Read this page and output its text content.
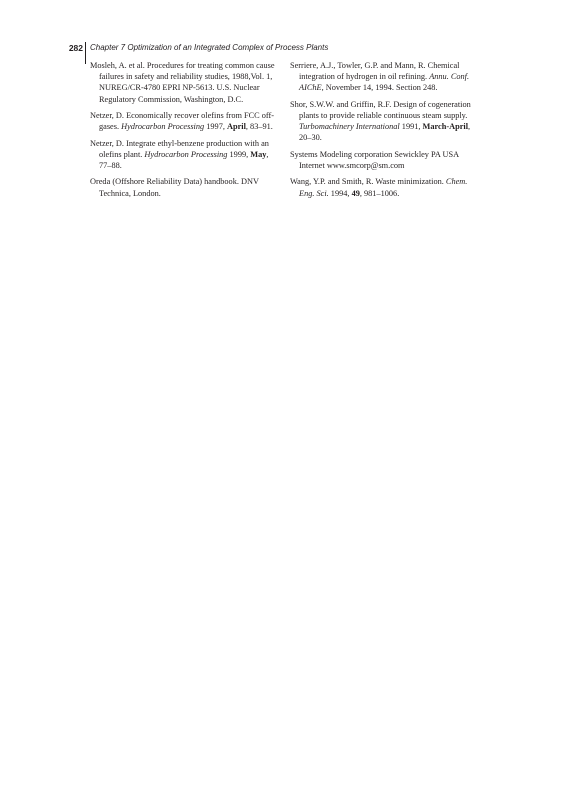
282 Chapter 7 Optimization of an Integrated Complex of Process Plants

Mosleh, A. et al. Procedures for treating common cause failures in safety and reliability studies, 1988,Vol. 1, NUREG/CR-4780 EPRI NP-5613. U.S. Nuclear Regulatory Commission, Washington, D.C.

Netzer, D. Economically recover olefins from FCC off-gases. Hydrocarbon Processing 1997, April, 83–91.

Netzer, D. Integrate ethyl-benzene production with an olefins plant. Hydrocarbon Processing 1999, May, 77–88.

Oreda (Offshore Reliability Data) handbook. DNV Technica, London.

Serriere, A.J., Towler, G.P. and Mann, R. Chemical integration of hydrogen in oil refining. Annu. Conf. AIChE, November 14, 1994. Section 248.

Shor, S.W.W. and Griffin, R.F. Design of cogeneration plants to provide reliable continuous steam supply. Turbomachinery International 1991, March-April, 20–30.

Systems Modeling corporation Sewickley PA USA Internet www.smcorp@sm.com

Wang, Y.P. and Smith, R. Waste minimization. Chem. Eng. Sci. 1994, 49, 981–1006.
